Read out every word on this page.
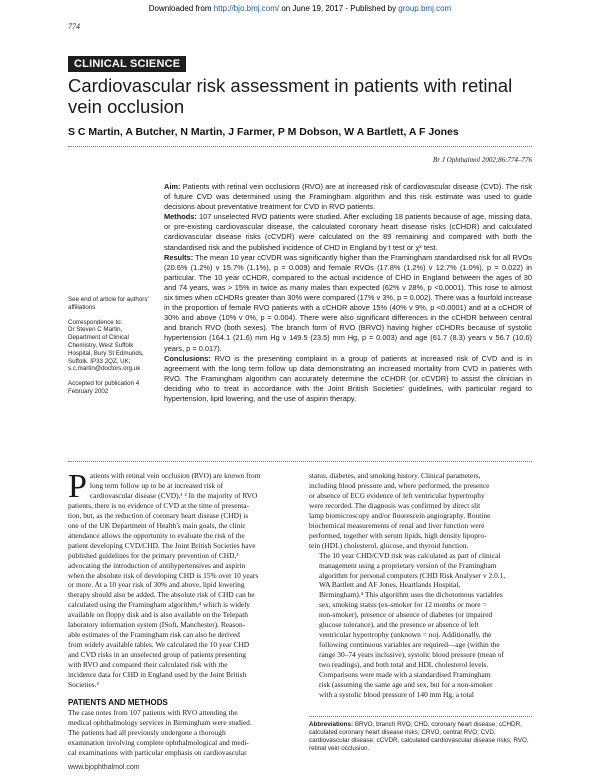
Downloaded from http://bjo.bmj.com/ on June 19, 2017 - Published by group.bmj.com
774
CLINICAL SCIENCE
Cardiovascular risk assessment in patients with retinal vein occlusion
S C Martin, A Butcher, N Martin, J Farmer, P M Dobson, W A Bartlett, A F Jones
Br J Ophthalmol 2002;86:774–776

Aim: Patients with retinal vein occlusions (RVO) are at increased risk of cardiovascular disease (CVD). The risk of future CVD was determined using the Framingham algorithm and this risk estimate was used to guide decisions about preventative treatment for CVD in RVO patients.

Methods: 107 unselected RVO patients were studied. After excluding 18 patients because of age, missing data, or pre-existing cardiovascular disease, the calculated coronary heart disease risks (cCHDR) and calculated cardiovascular disease risks (cCVDR) were calculated on the 89 remaining and compared with both the standardised risk and the published incidence of CHD in England by t test or χ² test.

Results: The mean 10 year cCVDR was significantly higher than the Framingham standardised risk for all RVOs (20.6% (1.2%) v 15.7% (1.1%), p = 0.009) and female RVOs (17.8% (1.2%) v 12.7% (1.0%), p = 0.022) in particular. The 10 year cCHDR, compared to the actual incidence of CHD in England between the ages of 30 and 74 years, was > 15% in twice as many males than expected (62% v 28%, p <0.0001). This rose to almost six times when cCHDRs greater than 30% were compared (17% v 3%, p = 0.002). There was a fourfold increase in the proportion of female RVO patients with a cCHDR above 15% (40% v 9%, p <0.0001) and at a cCHDR of 30% and above (10% v 0%, p = 0.004). There were also significant differences in the cCHDR between central and branch RVO (both sexes). The branch form of RVO (BRVO) having higher cCHDRs because of systolic hypertension (164.1 (21.6) mm Hg v 149.5 (23.5) mm Hg, p = 0.003) and age (61.7 (8.3) years v 56.7 (10.6) years, p = 0.017).

Conclusions: RVO is the presenting complaint in a group of patients at increased risk of CVD and is in agreement with the long term follow up data demonstrating an increased mortality from CVD in patients with RVO. The Framingham algorithm can accurately determine the cCHDR (or cCVDR) to assist the clinician in deciding who to treat in accordance with the Joint British Societies' guidelines, with particular regard to hypertension, lipid lowering, and the use of aspirin therapy.

See end of article for authors' affiliations

Correspondence to:
Dr Steven C Martin, Department of Clinical Chemistry, West Suffolk Hospital, Bury St Edmunds, Suffolk. IP33 2QZ, UK; s.c.martin@doctors.org.uk

Accepted for publication 4 February 2002

P atients with retinal vein occlusion (RVO) are known from
long term follow up to be at increased risk of
cardiovascular disease (CVD).¹ ² In the majority of RVO
patients, there is no evidence of CVD at the time of presenta-
tion, but, as the reduction of coronary heart disease (CHD) is
one of the UK Department of Health's main goals, the clinic
attendance allows the opportunity to evaluate the risk of the
patient developing CVD/CHD. The Joint British Societies have
published guidelines for the primary prevention of CHD,³
advocating the introduction of antihypertensives and aspirin
when the absolute risk of developing CHD is 15% over 10 years
or more. At a 10 year risk of 30% and above, lipid lowering
therapy should also be added. The absolute risk of CHD can be
calculated using the Framingham algorithm,⁴ which is widely
available on floppy disk and is also available on the Telepath
laboratory information system (ISoft, Manchester). Reason-
able estimates of the Framingham risk can also be derived
from widely available tables. We calculated the 10 year CHD
and CVD risks in an unselected group of patients presenting
with RVO and compared their calculated risk with the
incidence data for CHD in England used by the Joint British
Societies.⁵

PATIENTS AND METHODS
The case notes from 107 patients with RVO attending the
medical ophthalmology services in Birmingham were studied.
The patients had all previously undergone a thorough
examination involving complete ophthalmological and medi-
cal examinations with particular emphasis on cardiovascular

status, diabetes, and smoking history. Clinical parameters,
including blood pressure and, where performed, the presence
or absence of ECG evidence of left ventricular hypertrophy
were recorded. The diagnosis was confirmed by direct slit
lamp biomicroscopy and/or fluorescein angiography. Routine
biochemical measurements of renal and liver function were
performed, together with serum lipids, high density lipopro-
tein (HDL) cholesterol, glucose, and thyroid function.

The 10 year CHD/CVD risk was calculated as part of clinical
management using a proprietary version of the Framingham
algorithm for personal computers (CHD Risk Analyser v 2.0.1,
WA Bartlett and AF Jones, Heartlands Hospital,
Birmingham).⁴ This algorithm uses the dichotomous variables
sex, smoking status (ex-smoker for 12 months or more =
non-smoker), presence or absence of diabetes (or impaired
glucose tolerance), and the presence or absence of left
ventricular hypertrophy (unknown = no). Additionally, the
following continuous variables are required—age (within the
range 30–74 years inclusive), systolic blood pressure (mean of
two readings), and both total and HDL cholesterol levels.
Comparisons were made with a standardised Framingham
risk (assuming the same age and sex, but for a non-smoker
with a systolic blood pressure of 140 mm Hg, a total

Abbreviations: BRVO, branch RVO; CHD, coronary heart disease; cCHDR, calculated coronary heart disease risks; CRVO, central RVO; CVD, cardiovascular disease; cCVDR, calculated cardiovascular disease risks; RVO, retinal vein occlusion.
www.bjophthalmol.com
